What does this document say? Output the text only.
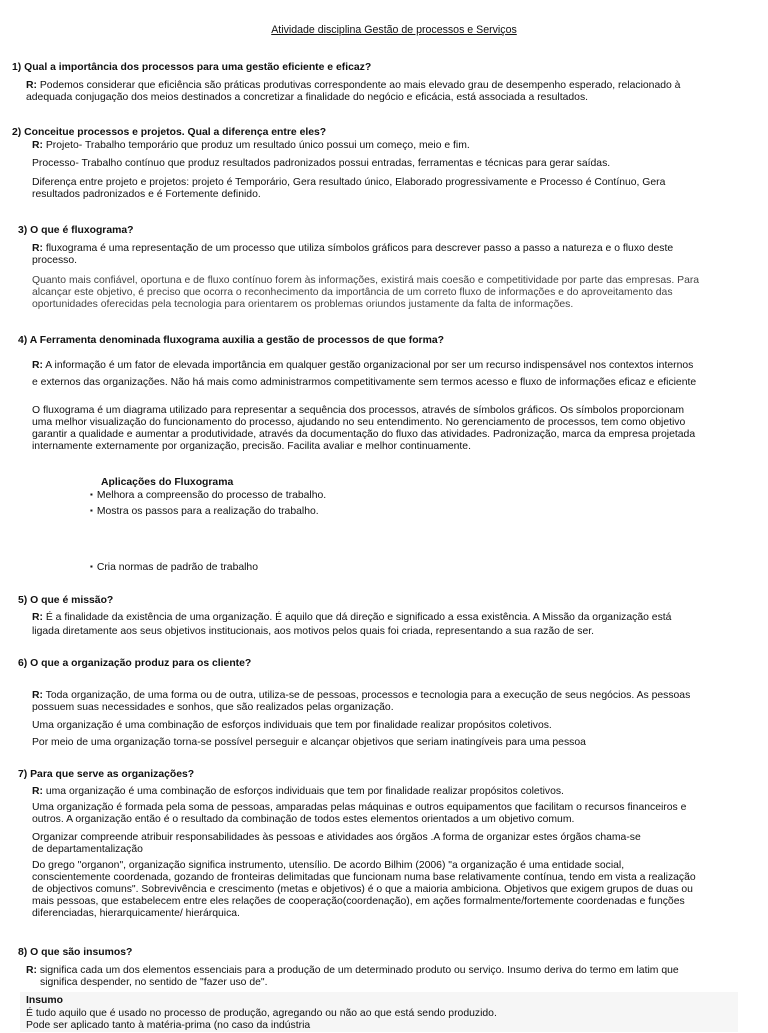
Atividade disciplina Gestão de processos e Serviços
1) Qual a importância dos processos para uma gestão eficiente e eficaz?
R: Podemos considerar que eficiência são práticas produtivas correspondente ao mais elevado grau de desempenho esperado, relacionado à
adequada conjugação dos meios destinados a concretizar a finalidade do negócio e eficácia, está associada a resultados.
2) Conceitue processos e projetos. Qual a diferença entre eles?
R: Projeto- Trabalho temporário que produz um resultado único possui um começo, meio e fim.
Processo- Trabalho contínuo que produz resultados padronizados possui entradas, ferramentas e técnicas para gerar saídas.
Diferença entre projeto e projetos: projeto é Temporário, Gera resultado único, Elaborado progressivamente e Processo é Contínuo, Gera
resultados padronizados e é Fortemente definido.
3) O que é fluxograma?
R: fluxograma é uma representação de um processo que utiliza símbolos gráficos para descrever passo a passo a natureza e o fluxo deste
processo.
Quanto mais confiável, oportuna e de fluxo contínuo forem às informações, existirá mais coesão e competitividade por parte das empresas. Para
alcançar este objetivo, é preciso que ocorra o reconhecimento da importância de um correto fluxo de informações e do aproveitamento das
oportunidades oferecidas pela tecnologia para orientarem os problemas oriundos justamente da falta de informações.
4) A Ferramenta denominada fluxograma auxilia a gestão de processos de que forma?
R: A informação é um fator de elevada importância em qualquer gestão organizacional por ser um recurso indispensável nos contextos internos
e externos das organizações. Não há mais como administrarmos competitivamente sem termos acesso e fluxo de informações eficaz e eficiente
O fluxograma é um diagrama utilizado para representar a sequência dos processos, através de símbolos gráficos. Os símbolos proporcionam
uma melhor visualização do funcionamento do processo, ajudando no seu entendimento. No gerenciamento de processos, tem como objetivo
garantir a qualidade e aumentar a produtividade, através da documentação do fluxo das atividades. Padronização, marca da empresa projetada
internamente externamente por organização, precisão. Facilita avaliar e melhor continuamente.
Aplicações do Fluxograma
▪ Melhora a compreensão do processo de trabalho.
▪ Mostra os passos para a realização do trabalho.
▪ Cria normas de padrão de trabalho
5) O que é missão?
R: É a finalidade da existência de uma organização. É aquilo que dá direção e significado a essa existência. A Missão da organização está
ligada diretamente aos seus objetivos institucionais, aos motivos pelos quais foi criada, representando a sua razão de ser.
6) O que a organização produz para os cliente?
R: Toda organização, de uma forma ou de outra, utiliza-se de pessoas, processos e tecnologia para a execução de seus negócios. As pessoas
possuem suas necessidades e sonhos, que são realizados pelas organização.
Uma organização é uma combinação de esforços individuais que tem por finalidade realizar propósitos coletivos.
Por meio de uma organização torna-se possível perseguir e alcançar objetivos que seriam inatingíveis para uma pessoa
7) Para que serve as organizações?
R: uma organização é uma combinação de esforços individuais que tem por finalidade realizar propósitos coletivos.
Uma organização é formada pela soma de pessoas, amparadas pelas máquinas e outros equipamentos que facilitam o recursos financeiros e
outros. A organização então é o resultado da combinação de todos estes elementos orientados a um objetivo comum.
Organizar compreende atribuir responsabilidades às pessoas e atividades aos órgãos .A forma de organizar estes órgãos chama-se
de departamentalização
Do grego "organon", organização significa instrumento, utensílio. De acordo Bilhim (2006) "a organização é uma entidade social,
conscientemente coordenada, gozando de fronteiras delimitadas que funcionam numa base relativamente contínua, tendo em vista a realização
de objectivos comuns". Sobrevivência e crescimento (metas e objetivos) é o que a maioria ambiciona. Objetivos que exigem grupos de duas ou
mais pessoas, que estabelecem entre eles relações de cooperação(coordenação), em ações formalmente/fortemente coordenadas e funções
diferenciadas, hierarquicamente/ hierárquica.
8) O que são insumos?
R: significa cada um dos elementos essenciais para a produção de um determinado produto ou serviço. Insumo deriva do termo em latim que
significa despender, no sentido de "fazer uso de".
Insumo
É tudo aquilo que é usado no processo de produção, agregando ou não ao que está sendo produzido.
Pode ser aplicado tanto à matéria-prima (no caso da indústria
